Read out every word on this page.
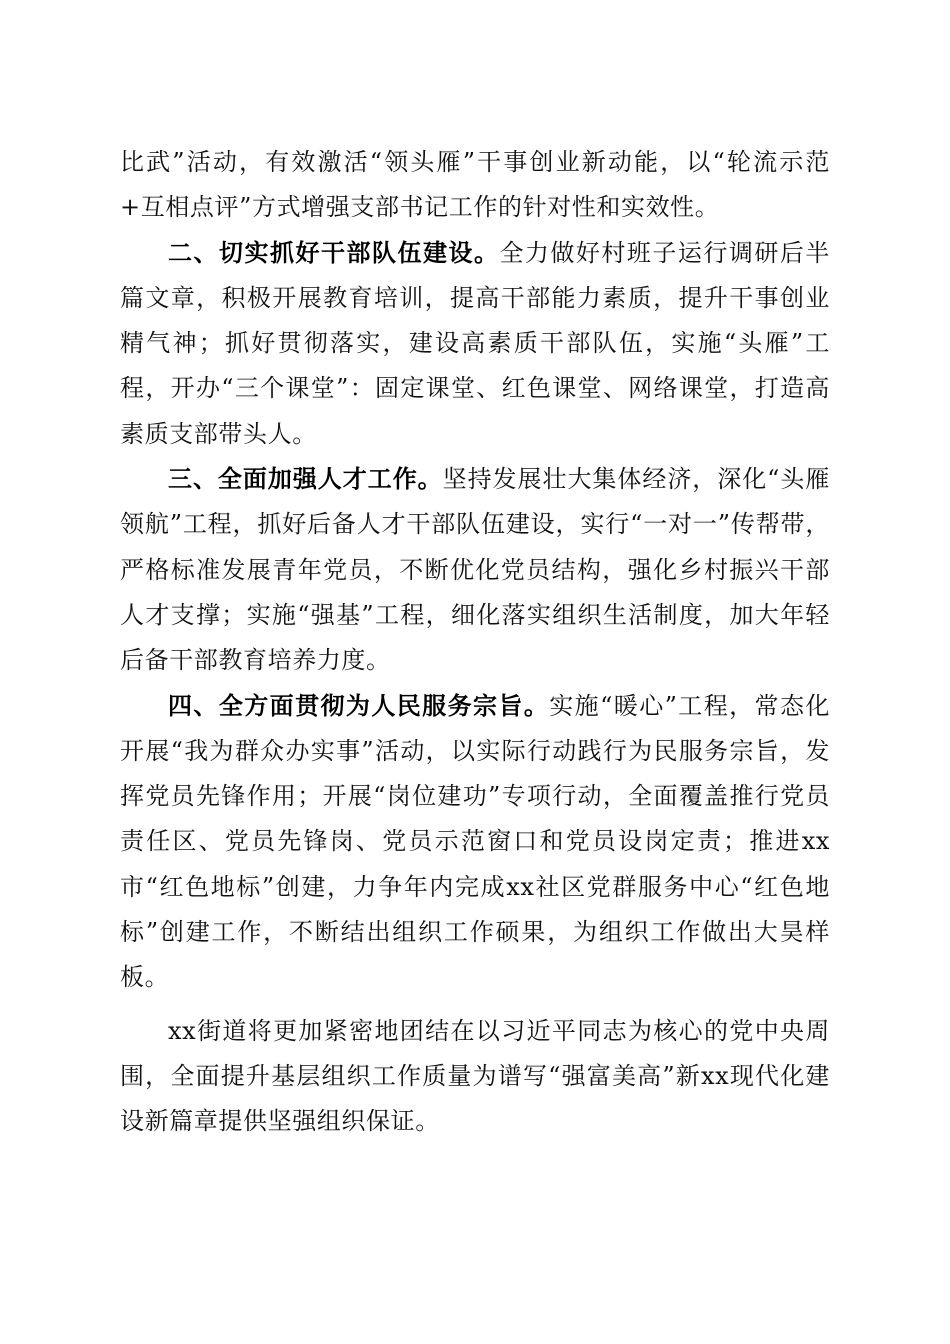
比武”活动，有效激活“领头雁”干事创业新动能，以“轮流示范+互相点评”方式增强支部书记工作的针对性和实效性。

二、切实抓好干部队伍建设。全力做好村班子运行调研后半篇文章，积极开展教育培训，提高干部能力素质，提升干事创业精气神；抓好贯彻落实，建设高素质干部队伍，实施“头雁”工程，开办“三个课堂”：固定课堂、红色课堂、网络课堂，打造高素质支部带头人。

三、全面加强人才工作。坚持发展壮大集体经济，深化“头雁领航”工程，抓好后备人才干部队伍建设，实行“一对一”传帮带，严格标准发展青年党员，不断优化党员结构，强化乡村振兴干部人才支撑；实施“强基”工程，细化落实组织生活制度，加大年轻后备干部教育培养力度。

四、全方面贯彻为人民服务宗旨。实施“暖心”工程，常态化开展“我为群众办实事”活动，以实际行动践行为民服务宗旨，发挥党员先锋作用；开展“岗位建功”专项行动，全面覆盖推行党员责任区、党员先锋岗、党员示范窗口和党员设岗定责；推进xx市“红色地标”创建，力争年内完成xx社区党群服务中心“红色地标”创建工作，不断结出组织工作硕果，为组织工作做出大昊样板。

xx街道将更加紧密地团结在以习近平同志为核心的党中央周围，全面提升基层组织工作质量为谱写“强富美高”新xx现代化建设新篇章提供坚强组织保证。
